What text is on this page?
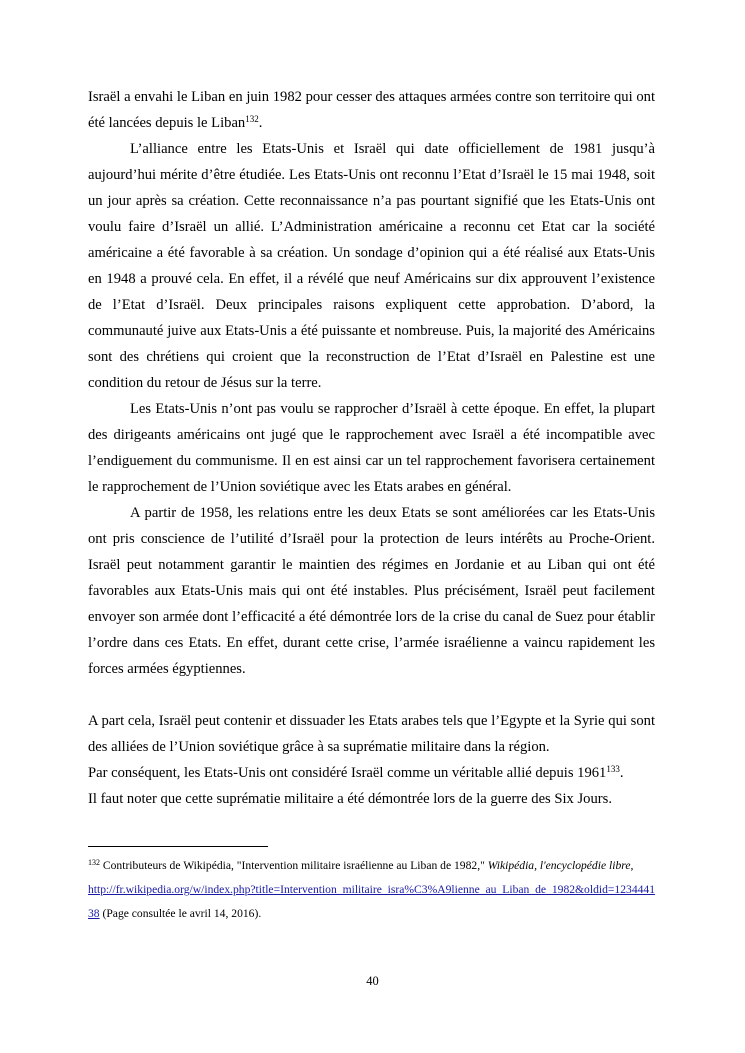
Israël a envahi le Liban en juin 1982 pour cesser des attaques armées contre son territoire qui ont été lancées depuis le Liban$^{132}$.

L’alliance entre les Etats-Unis et Israël qui date officiellement de 1981 jusqu’à aujourd’hui mérite d’être étudiée. Les Etats-Unis ont reconnu l’Etat d’Israël le 15 mai 1948, soit un jour après sa création. Cette reconnaissance n’a pas pourtant signifié que les Etats-Unis ont voulu faire d’Israël un allié. L’Administration américaine a reconnu cet Etat car la société américaine a été favorable à sa création. Un sondage d’opinion qui a été réalisé aux Etats-Unis en 1948 a prouvé cela. En effet, il a révélé que neuf Américains sur dix approuvent l’existence de l’Etat d’Israël. Deux principales raisons expliquent cette approbation. D’abord, la communauté juive aux Etats-Unis a été puissante et nombreuse. Puis, la majorité des Américains sont des chrétiens qui croient que la reconstruction de l’Etat d’Israël en Palestine est une condition du retour de Jésus sur la terre.

Les Etats-Unis n’ont pas voulu se rapprocher d’Israël à cette époque. En effet, la plupart des dirigeants américains ont jugé que le rapprochement avec Israël a été incompatible avec l’endiguement du communisme. Il en est ainsi car un tel rapprochement favorisera certainement le rapprochement de l’Union soviétique avec les Etats arabes en général.

A partir de 1958, les relations entre les deux Etats se sont améliorées car les Etats-Unis ont pris conscience de l’utilité d’Israël pour la protection de leurs intérêts au Proche-Orient. Israël peut notamment garantir le maintien des régimes en Jordanie et au Liban qui ont été favorables aux Etats-Unis mais qui ont été instables. Plus précisément, Israël peut facilement envoyer son armée dont l’efficacité a été démontrée lors de la crise du canal de Suez pour établir l’ordre dans ces Etats. En effet, durant cette crise, l’armée israélienne a vaincu rapidement les forces armées égyptiennes.

A part cela, Israël peut contenir et dissuader les Etats arabes tels que l’Egypte et la Syrie qui sont des alliées de l’Union soviétique grâce à sa suprématie militaire dans la région.

Par conséquent, les Etats-Unis ont considéré Israël comme un véritable allié depuis 1961$^{133}$.

Il faut noter que cette suprématie militaire a été démontrée lors de la guerre des Six Jours.

$^{132}$ Contributeurs de Wikipédia, "Intervention militaire israélienne au Liban de 1982," Wikipédia, l'encyclopédie libre,
http://fr.wikipedia.org/w/index.php?title=Intervention_militaire_isra%C3%A9lienne_au_Liban_de_1982&oldid=123444138 (Page consultée le avril 14, 2016).
40
